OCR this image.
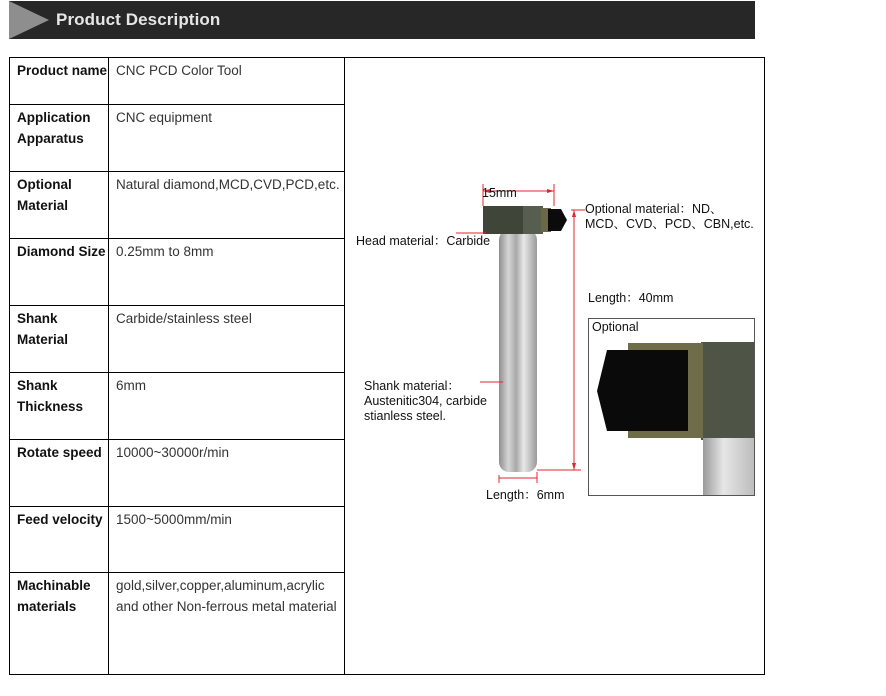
Product Description
Product name	CNC PCD Color Tool	
15mm
Head material：Carbide
Optional material：ND、
MCD、CVD、PCD、CBN,etc.
Length：40mm
Optional
Shank material：
Austenitic304, carbide
stianless steel.
Length：6mm

Application Apparatus	CNC equipment	
Optional Material	Natural diamond,MCD,CVD,PCD,etc.	
Diamond Size	0.25mm to 8mm	
Shank Material	Carbide/stainless steel	
Shank Thickness	6mm	
Rotate speed	10000~30000r/min	
Feed velocity	1500~5000mm/min	
Machinable materials	gold,silver,copper,aluminum,acrylic and other Non-ferrous metal material	
